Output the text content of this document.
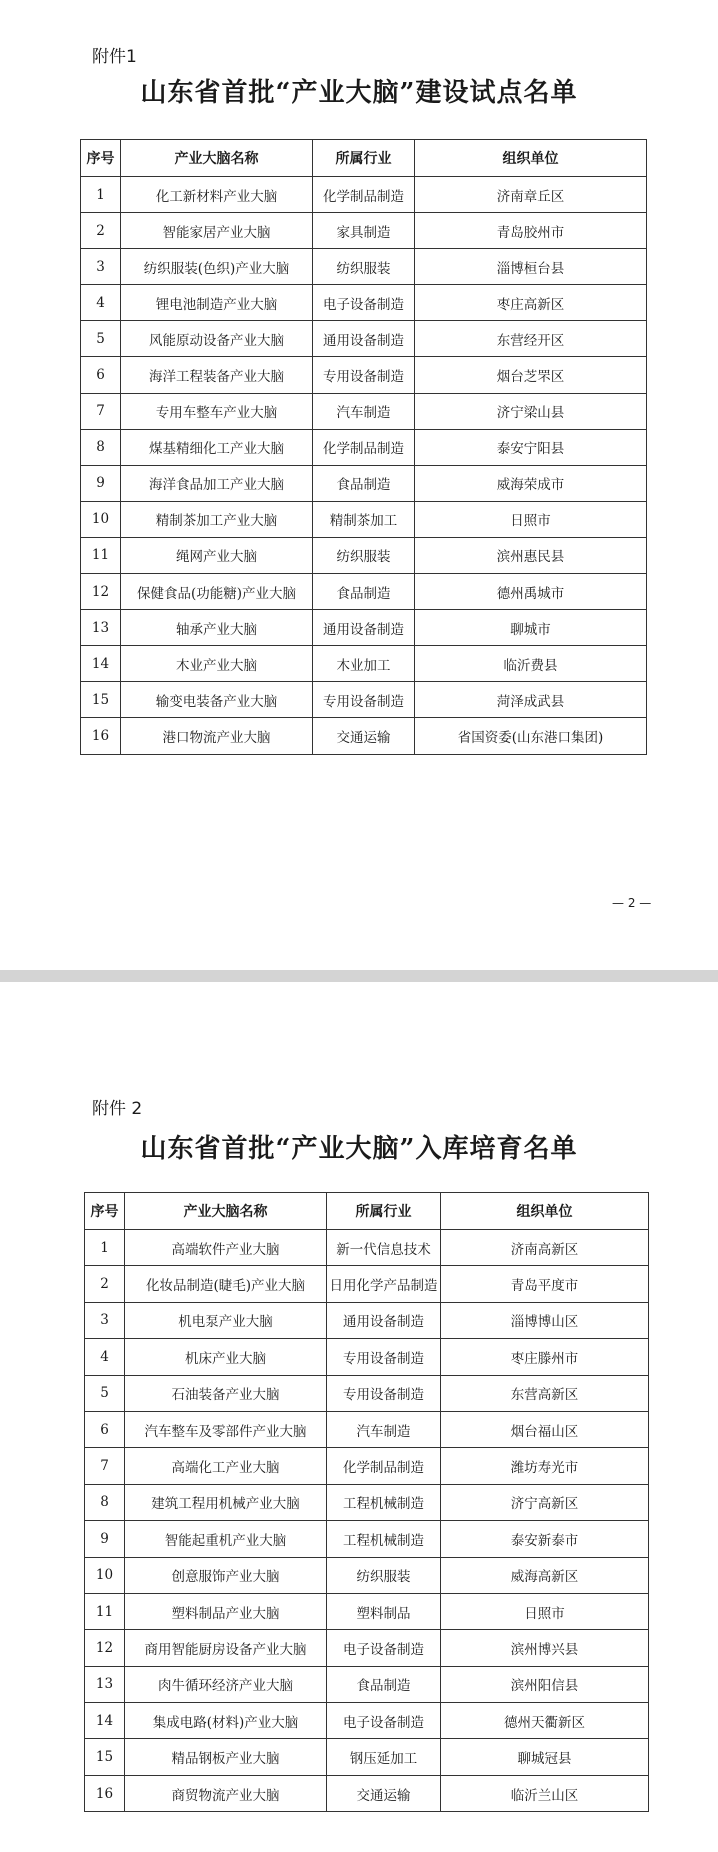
附件1
山东省首批“产业大脑”建设试点名单
序号	产业大脑名称	所属行业	组织单位
1	化工新材料产业大脑	化学制品制造	济南章丘区
2	智能家居产业大脑	家具制造	青岛胶州市
3	纺织服装(色织)产业大脑	纺织服装	淄博桓台县
4	锂电池制造产业大脑	电子设备制造	枣庄高新区
5	风能原动设备产业大脑	通用设备制造	东营经开区
6	海洋工程装备产业大脑	专用设备制造	烟台芝罘区
7	专用车整车产业大脑	汽车制造	济宁梁山县
8	煤基精细化工产业大脑	化学制品制造	泰安宁阳县
9	海洋食品加工产业大脑	食品制造	威海荣成市
10	精制茶加工产业大脑	精制茶加工	日照市
11	绳网产业大脑	纺织服装	滨州惠民县
12	保健食品(功能糖)产业大脑	食品制造	德州禹城市
13	轴承产业大脑	通用设备制造	聊城市
14	木业产业大脑	木业加工	临沂费县
15	输变电装备产业大脑	专用设备制造	菏泽成武县
16	港口物流产业大脑	交通运输	省国资委(山东港口集团)
— 2 —
附件 2
山东省首批“产业大脑”入库培育名单
序号	产业大脑名称	所属行业	组织单位
1	高端软件产业大脑	新一代信息技术	济南高新区
2	化妆品制造(睫毛)产业大脑	日用化学产品制造	青岛平度市
3	机电泵产业大脑	通用设备制造	淄博博山区
4	机床产业大脑	专用设备制造	枣庄滕州市
5	石油装备产业大脑	专用设备制造	东营高新区
6	汽车整车及零部件产业大脑	汽车制造	烟台福山区
7	高端化工产业大脑	化学制品制造	潍坊寿光市
8	建筑工程用机械产业大脑	工程机械制造	济宁高新区
9	智能起重机产业大脑	工程机械制造	泰安新泰市
10	创意服饰产业大脑	纺织服装	威海高新区
11	塑料制品产业大脑	塑料制品	日照市
12	商用智能厨房设备产业大脑	电子设备制造	滨州博兴县
13	肉牛循环经济产业大脑	食品制造	滨州阳信县
14	集成电路(材料)产业大脑	电子设备制造	德州天衢新区
15	精品钢板产业大脑	钢压延加工	聊城冠县
16	商贸物流产业大脑	交通运输	临沂兰山区
